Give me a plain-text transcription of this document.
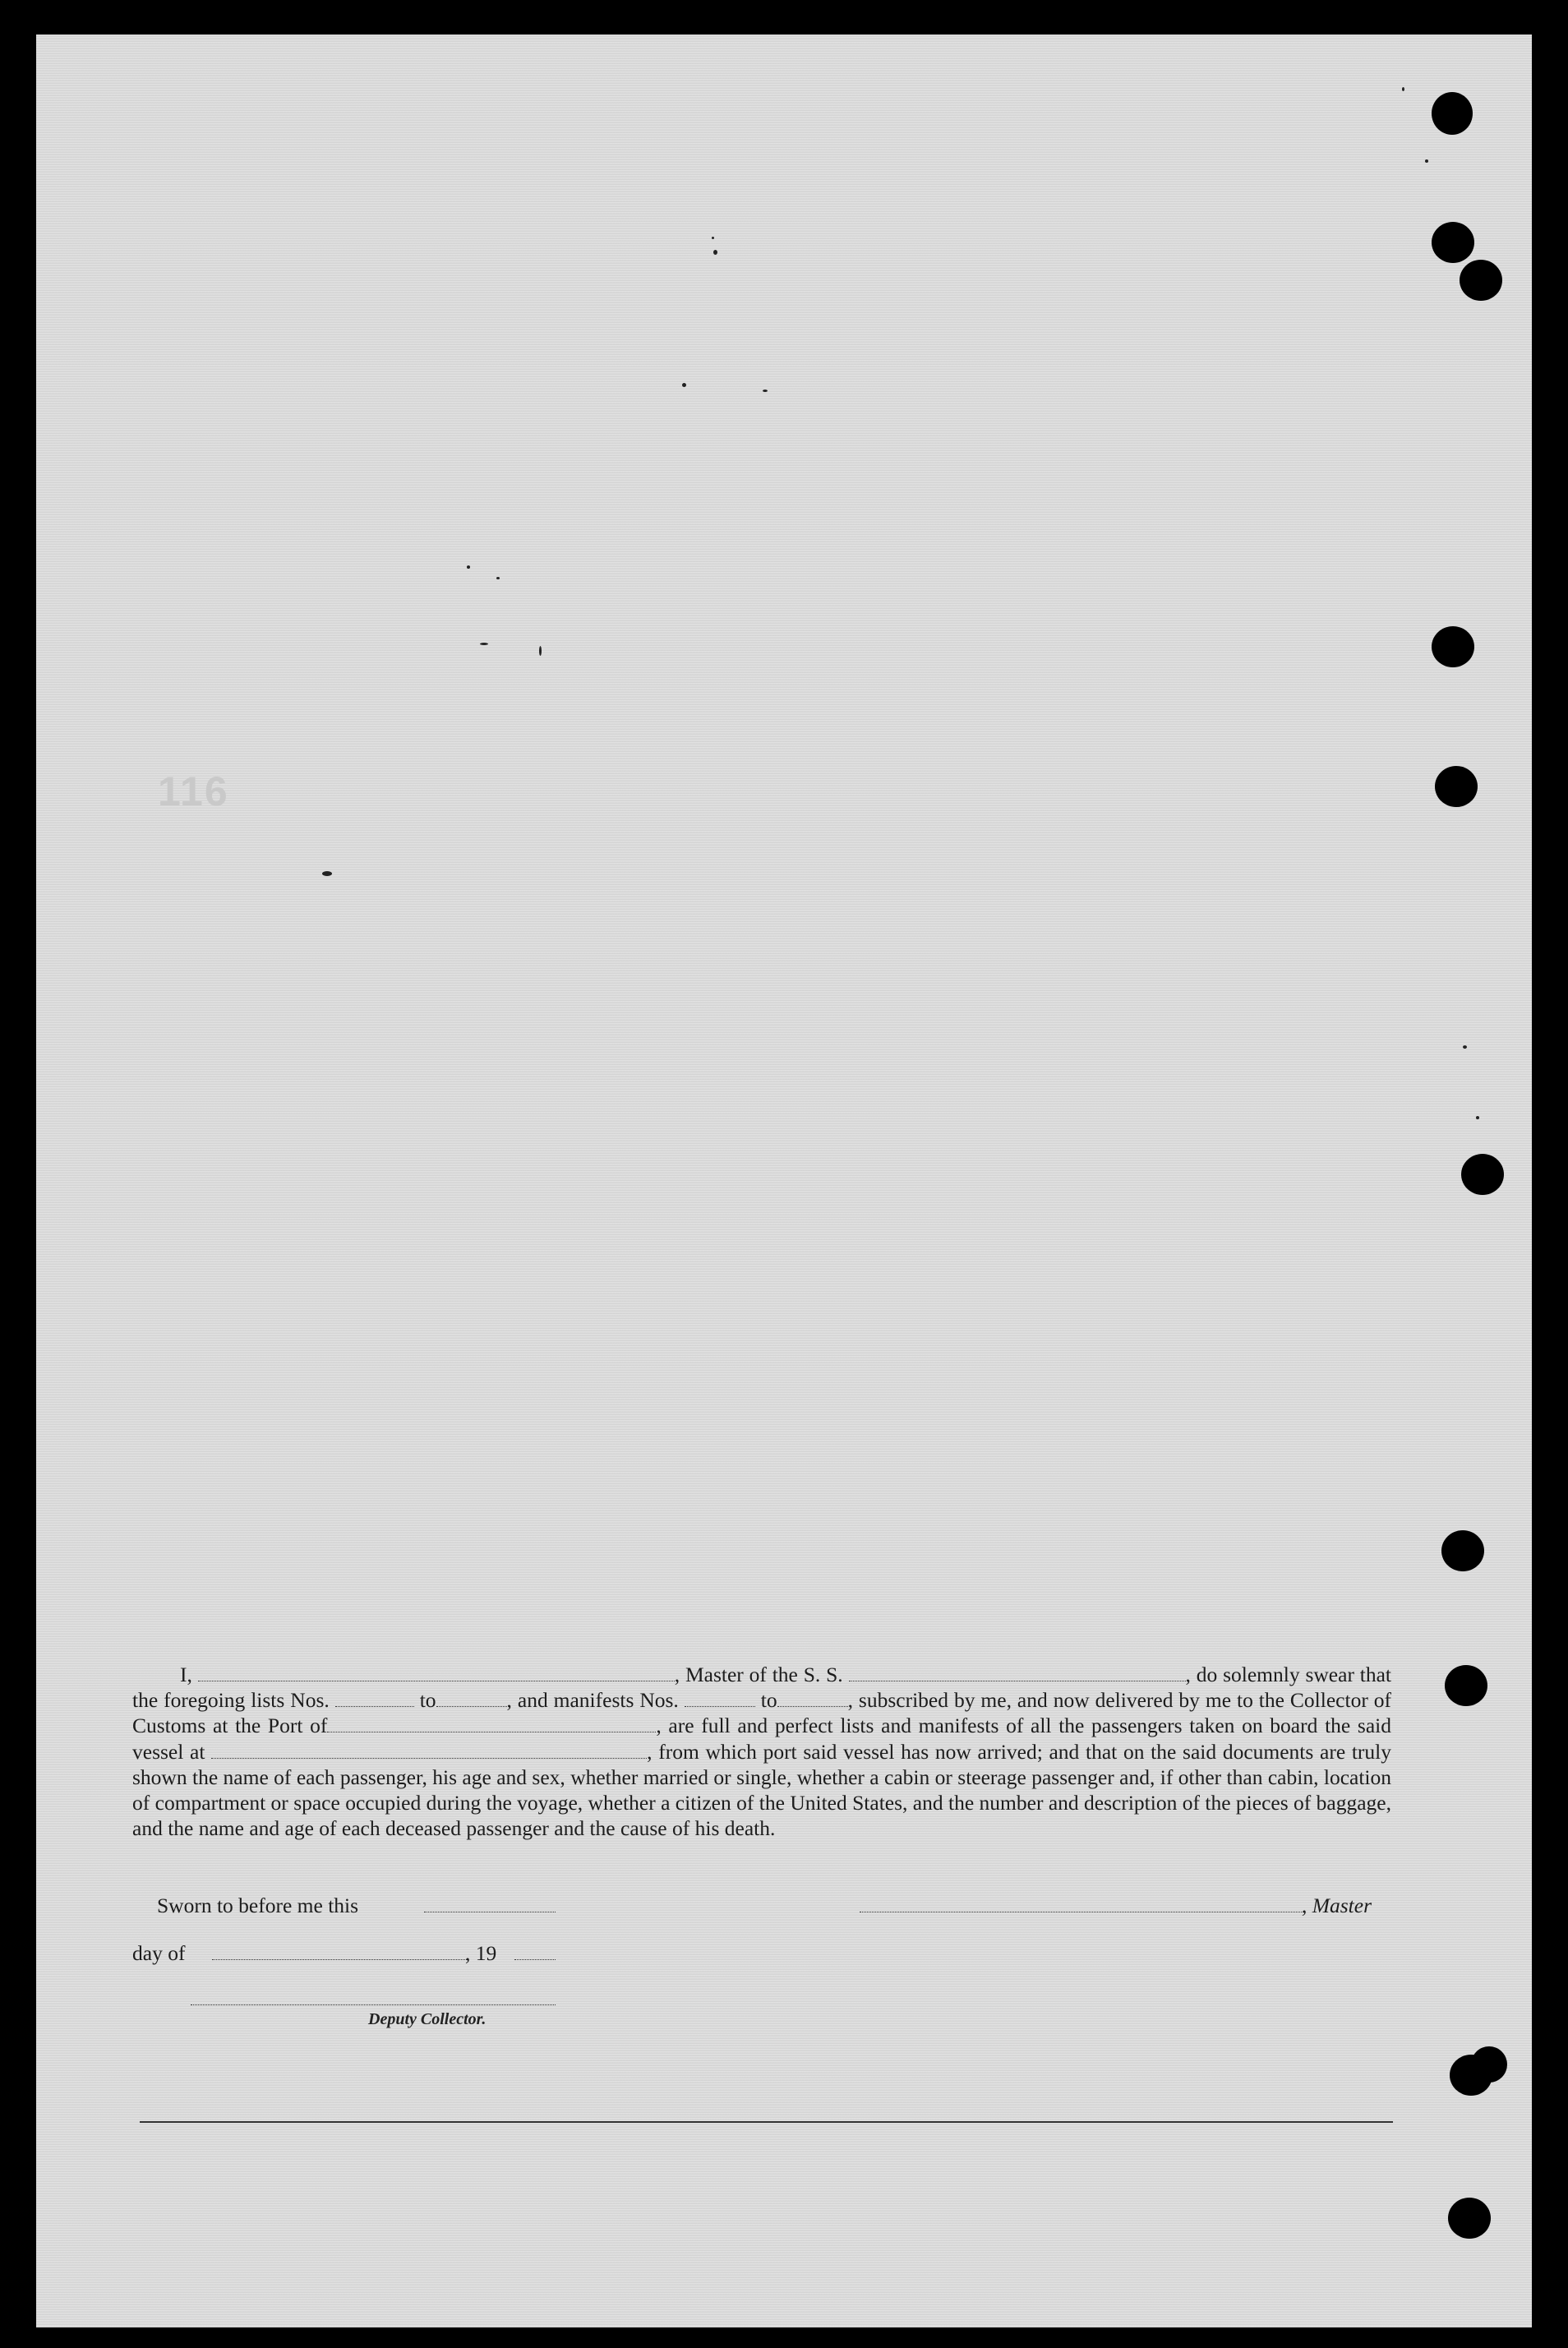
116
I,	, Master of the S. S.	, do solemnly swear that the foregoing lists Nos.	to	, and manifests Nos.	to	, subscribed by me, and now delivered by me to the Collector of Customs at the Port of	, are full and perfect lists and manifests of all the passengers taken on board the said vessel at	, from which port said vessel has now arrived; and that on the said documents are truly shown the name of each passenger, his age and sex, whether married or single, whether a cabin or steerage passenger and, if other than cabin, location of compartment or space occupied during the voyage, whether a citizen of the United States, and the number and description of the pieces of baggage, and the name and age of each deceased passenger and the cause of his death.
Sworn to before me this	, Master
day of	, 19
Deputy Collector.
